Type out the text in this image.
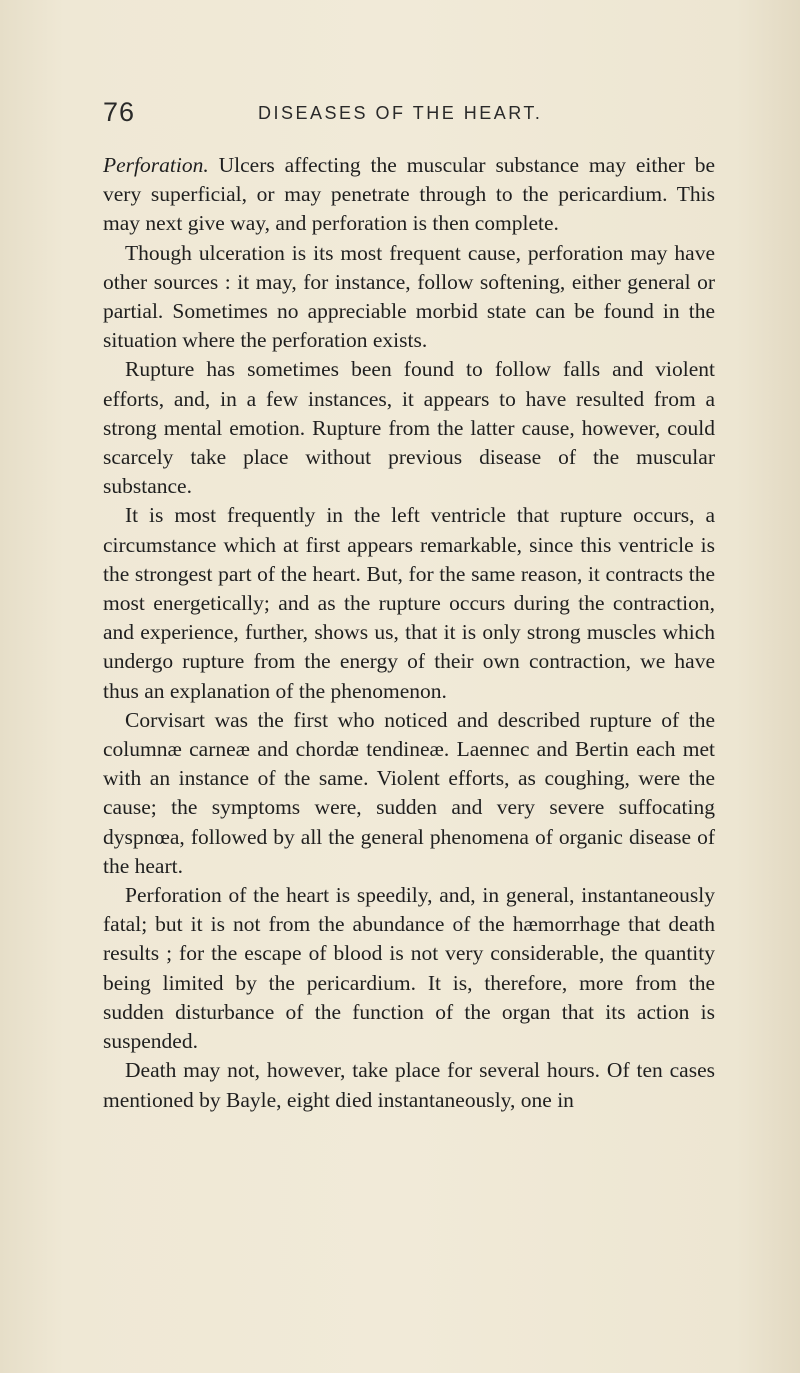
76	DISEASES OF THE HEART.

Perforation. Ulcers affecting the muscular substance may either be very superficial, or may penetrate through to the pericardium. This may next give way, and perforation is then complete.

Though ulceration is its most frequent cause, perforation may have other sources : it may, for instance, follow softening, either general or partial. Sometimes no appreciable morbid state can be found in the situation where the perforation exists.

Rupture has sometimes been found to follow falls and violent efforts, and, in a few instances, it appears to have resulted from a strong mental emotion. Rupture from the latter cause, however, could scarcely take place without previous disease of the muscular substance.

It is most frequently in the left ventricle that rupture occurs, a circumstance which at first appears remarkable, since this ventricle is the strongest part of the heart. But, for the same reason, it contracts the most energetically; and as the rupture occurs during the contraction, and experience, further, shows us, that it is only strong muscles which undergo rupture from the energy of their own contraction, we have thus an explanation of the phenomenon.

Corvisart was the first who noticed and described rupture of the columnæ carneæ and chordæ tendineæ. Laennec and Bertin each met with an instance of the same. Violent efforts, as coughing, were the cause; the symptoms were, sudden and very severe suffocating dyspnœa, followed by all the general phenomena of organic disease of the heart.

Perforation of the heart is speedily, and, in general, instantaneously fatal; but it is not from the abundance of the hæmorrhage that death results ; for the escape of blood is not very considerable, the quantity being limited by the pericardium. It is, therefore, more from the sudden disturbance of the function of the organ that its action is suspended.

Death may not, however, take place for several hours. Of ten cases mentioned by Bayle, eight died instantaneously, one in
